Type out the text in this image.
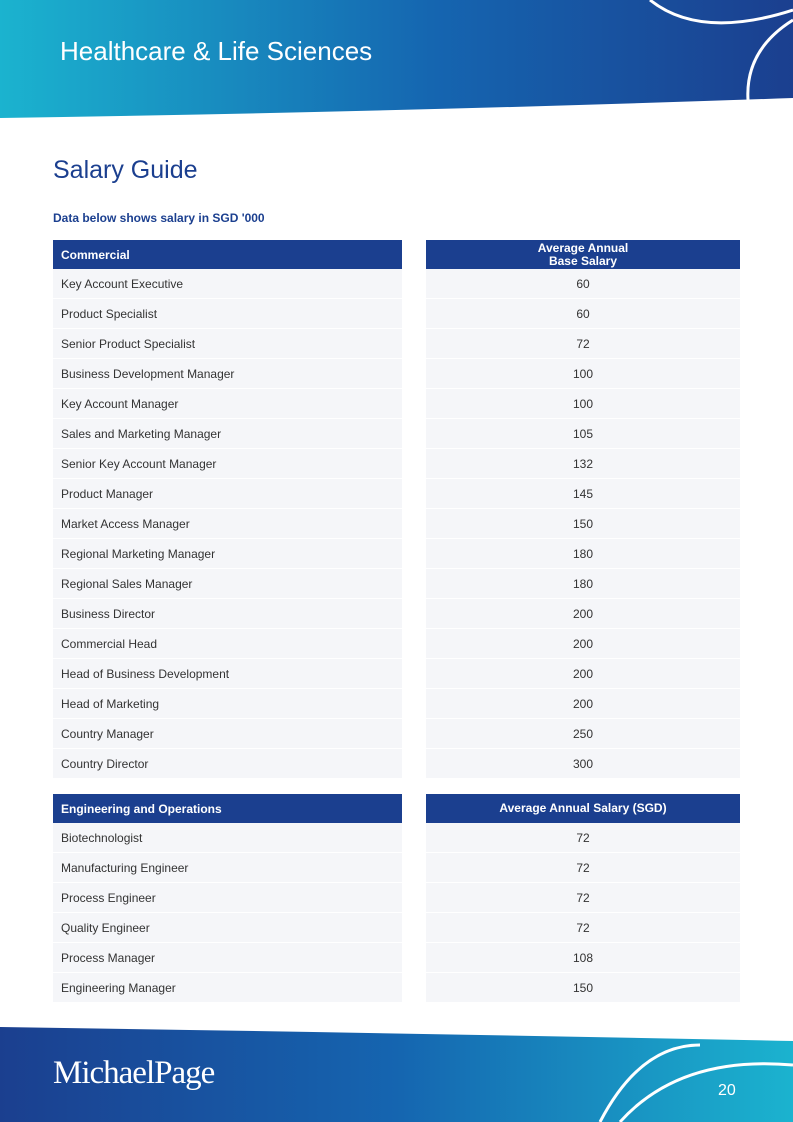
Healthcare & Life Sciences
Salary Guide
Data below shows salary in SGD '000
Commercial	Average Annual
Base Salary
Key Account Executive	60
Product Specialist	60
Senior Product Specialist	72
Business Development Manager	100
Key Account Manager	100
Sales and Marketing Manager	105
Senior Key Account Manager	132
Product Manager	145
Market Access Manager	150
Regional Marketing Manager	180
Regional Sales Manager	180
Business Director	200
Commercial Head	200
Head of Business Development	200
Head of Marketing	200
Country Manager	250
Country Director	300
Engineering and Operations	Average Annual Salary (SGD)
Biotechnologist	72
Manufacturing Engineer	72
Process Engineer	72
Quality Engineer	72
Process Manager	108
Engineering Manager	150
MichaelPage	20
